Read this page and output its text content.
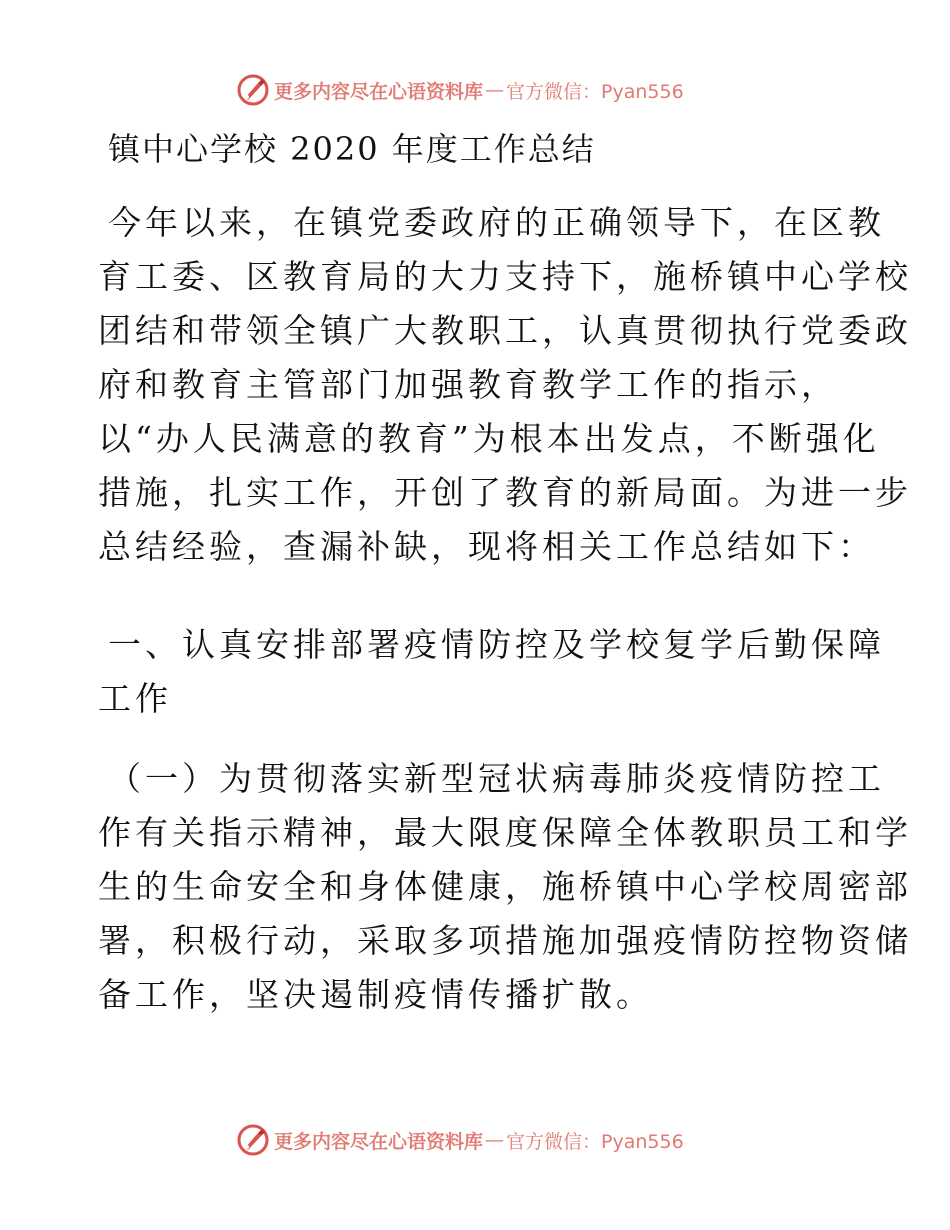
更多内容尽在心语资料库 — 官方微信：Pyan556
镇中心学校 2020 年度工作总结

今年以来，在镇党委政府的正确领导下，在区教
育工委、区教育局的大力支持下，施桥镇中心学校
团结和带领全镇广大教职工，认真贯彻执行党委政
府和教育主管部门加强教育教学工作的指示，
以“办人民满意的教育”为根本出发点，不断强化
措施，扎实工作，开创了教育的新局面。为进一步
总结经验，查漏补缺，现将相关工作总结如下：

一、认真安排部署疫情防控及学校复学后勤保障
工作

（一）为贯彻落实新型冠状病毒肺炎疫情防控工
作有关指示精神，最大限度保障全体教职员工和学
生的生命安全和身体健康，施桥镇中心学校周密部
署，积极行动，采取多项措施加强疫情防控物资储
备工作，坚决遏制疫情传播扩散。

更多内容尽在心语资料库 — 官方微信：Pyan556
